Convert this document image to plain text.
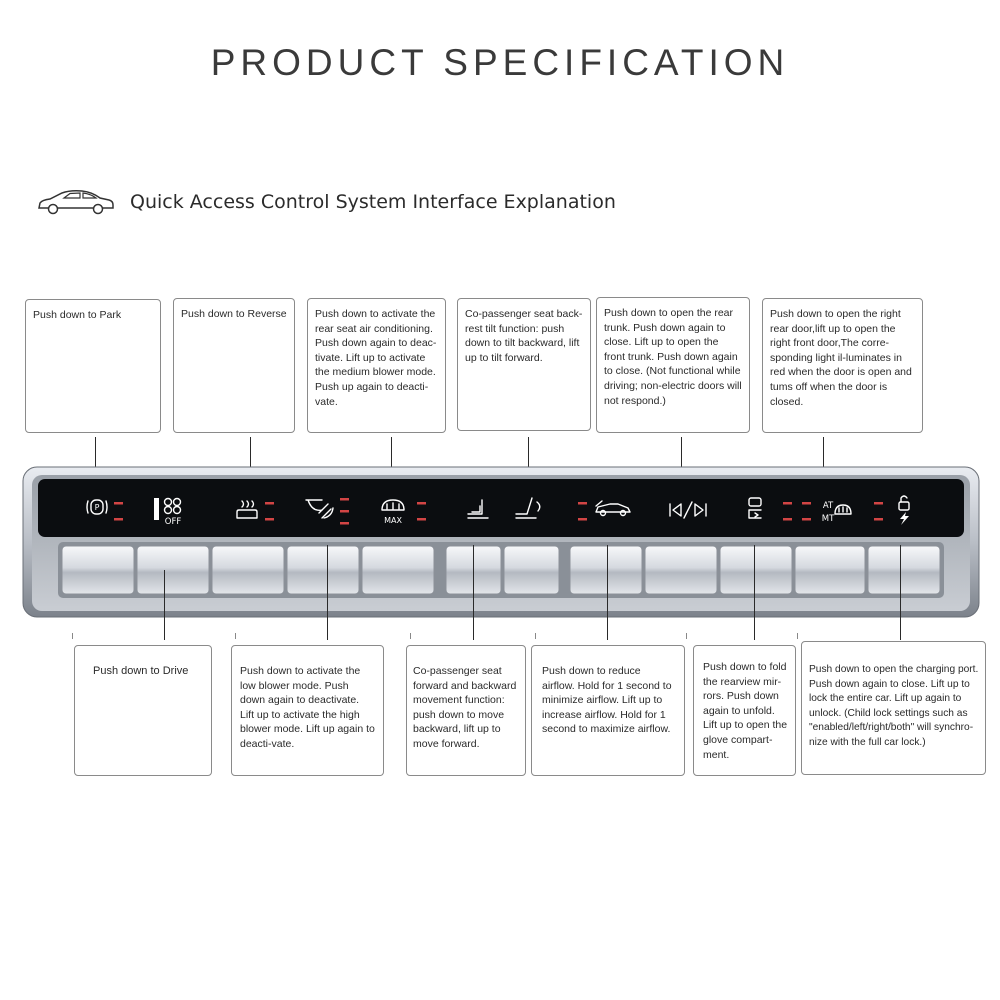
PRODUCT SPECIFICATION
Quick Access Control System Interface Explanation
Push down to Park	Push down to Reverse	Push down to activate the rear seat air conditioning. Push down again to deac-tivate. Lift up to activate the medium blower mode. Push up again to deacti-vate.
Co-passenger seat back-rest tilt function: push down to tilt backward, lift up to tilt forward.
Push down to open the rear trunk. Push down again to close. Lift up to open the front trunk. Push down again to close. (Not functional while driving; non-electric doors will not respond.)
Push down to open the right rear door,lift up to open the right front door,The corre-sponding light il-luminates in red when the door is open and tums off when the door is closed.
P
OFF	MAX
AT
MT
Push down to Drive	Push down to activate the low blower mode. Push down again to deactivate. Lift up to activate the high blower mode. Lift up again to deacti-vate.
Co-passenger seat forward and backward movement function: push down to move backward, lift up to move forward.
Push down to reduce airflow. Hold for 1 second to minimize airflow. Lift up to increase airflow. Hold for 1 second to maximize airflow.
Push down to fold the rearview mir-rors. Push down again to unfold. Lift up to open the glove compart-ment.
Push down to open the charging port. Push down again to close. Lift up to lock the entire car. Lift up again to unlock. (Child lock settings such as "enabled/left/right/both" will synchro-nize with the full car lock.)
